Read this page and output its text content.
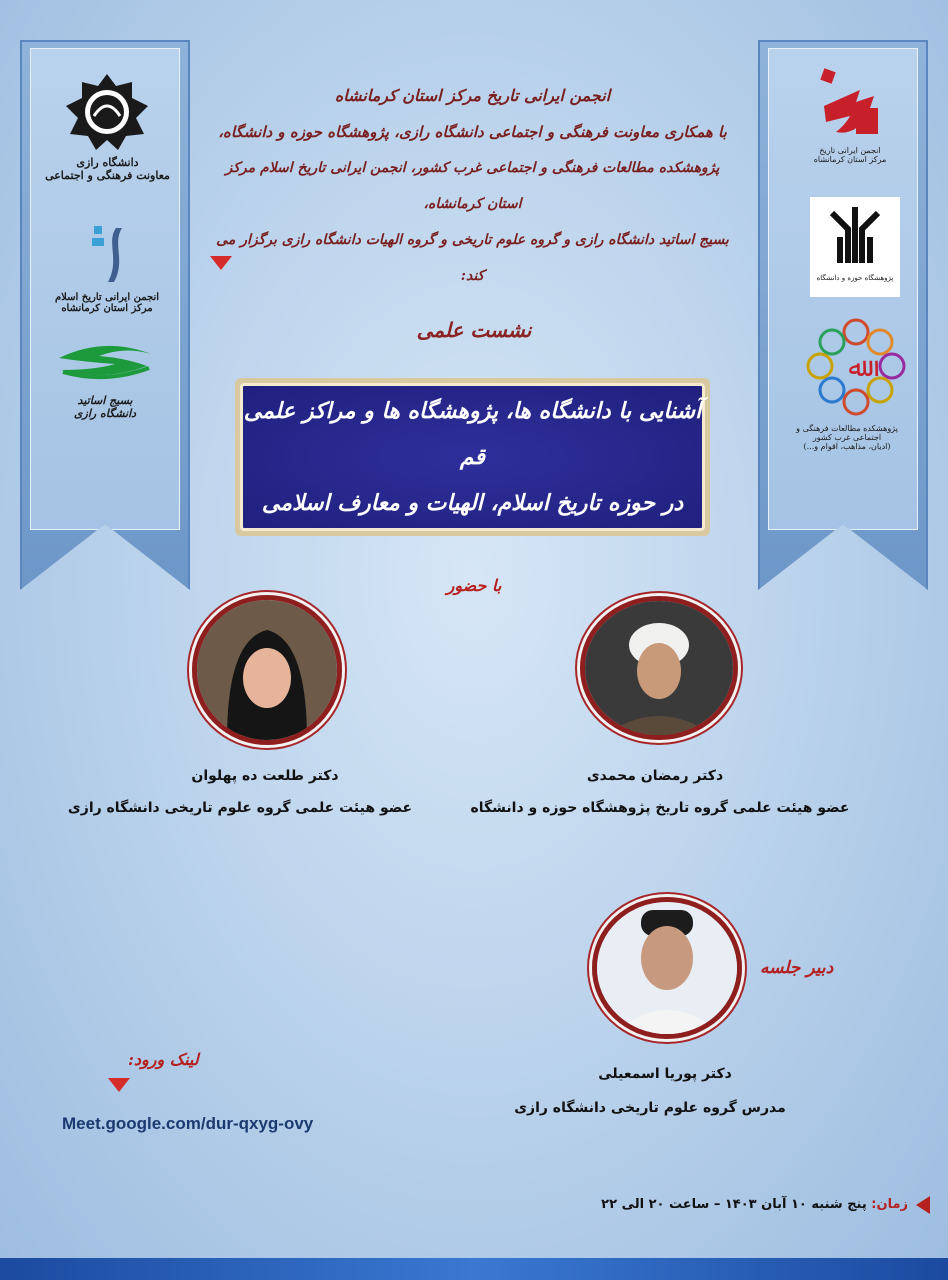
دانشگاه رازی
معاونت فرهنگی و اجتماعی
انجمن ایرانی تاریخ اسلام
مرکز استان کرمانشاه
بسیج اساتید
دانشگاه رازی
انجمن ایرانی تاریخ
مرکز استان کرمانشاه
پژوهشگاه حوزه و دانشگاه
ﷲ
پژوهشکده مطالعات فرهنگی و اجتماعی غرب کشور
(ادیان، مذاهب، اقوام و...)
انجمن ایرانی تاریخ مرکز استان کرمانشاه
با همکاری معاونت فرهنگی و اجتماعی دانشگاه رازی، پژوهشگاه حوزه و دانشگاه،
پژوهشکده مطالعات فرهنگی و اجتماعی غرب کشور، انجمن ایرانی تاریخ اسلام مرکز استان کرمانشاه،
بسیج اساتید دانشگاه رازی و گروه علوم تاریخی و گروه الهیات دانشگاه رازی برگزار می کند:
نشست علمی
آشنایی با دانشگاه ها، پژوهشگاه ها و مراکز علمی قم
در حوزه تاریخ اسلام، الهیات و معارف اسلامی
با حضور
دکتر رمضان محمدی
عضو هیئت علمی گروه تاریخ پژوهشگاه حوزه و دانشگاه
دکتر طلعت ده پهلوان
عضو هیئت علمی گروه علوم تاریخی دانشگاه رازی
دبیر جلسه
دکتر پوریا اسمعیلی
مدرس گروه علوم تاریخی دانشگاه رازی
لینک ورود:
Meet.google.com/dur-qxyg-ovy
زمان: پنج شنبه ۱۰ آبان ۱۴۰۳ – ساعت ۲۰ الی ۲۲
